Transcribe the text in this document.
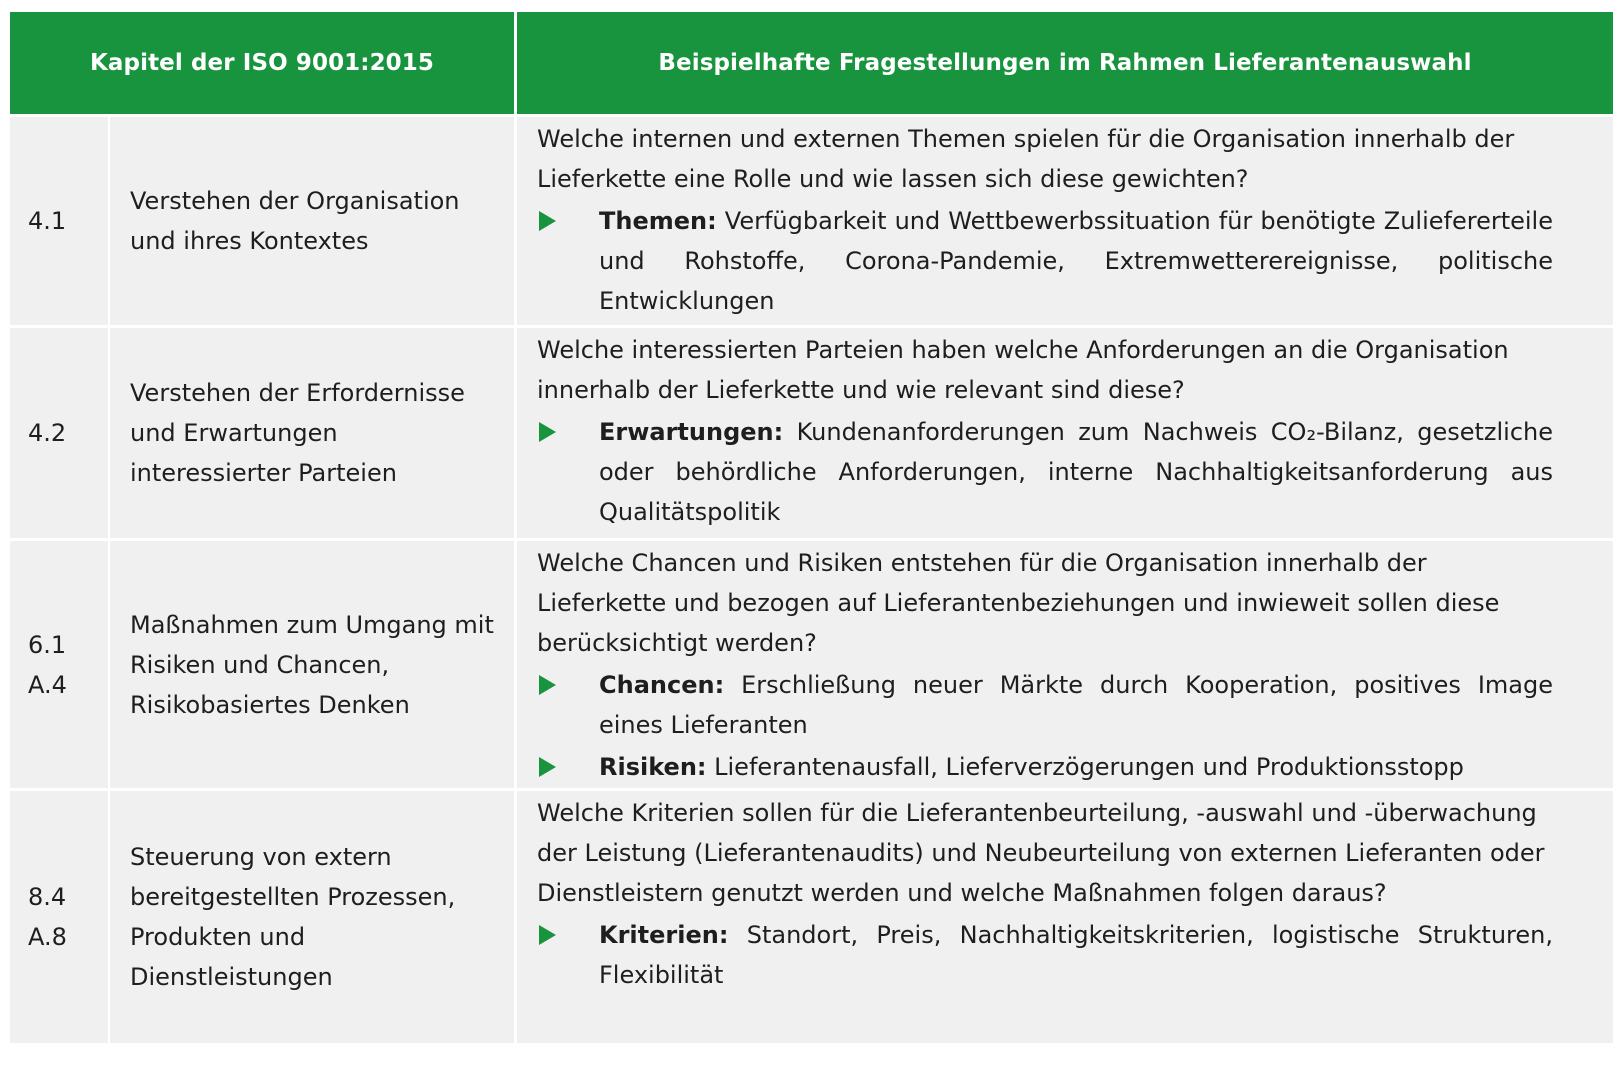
Kapitel der ISO 9001:2015	Beispielhafte Fragestellungen im Rahmen Lieferantenauswahl
4.1
Verstehen der Organisation und ihres Kontextes

Welche internen und externen Themen spielen für die Organisation innerhalb der Lieferkette eine Rolle und wie lassen sich diese gewichten?

Themen: Verfügbarkeit und Wettbewerbssituation für benötigte Zuliefererteile und Rohstoffe, Corona-Pandemie, Extremwetterereignisse, politische Entwicklungen
4.2
Verstehen der Erfordernisse und Erwartungen interessierter Parteien

Welche interessierten Parteien haben welche Anforderungen an die Organisation innerhalb der Lieferkette und wie relevant sind diese?

Erwartungen: Kundenanforderungen zum Nachweis CO₂-Bilanz, gesetzliche oder behördliche Anforderungen, interne Nachhaltigkeitsanforderung aus Qualitätspolitik
6.1
A.4
Maßnahmen zum Umgang mit Risiken und Chancen, Risikobasiertes Denken

Welche Chancen und Risiken entstehen für die Organisation innerhalb der Lieferkette und bezogen auf Lieferantenbeziehungen und inwieweit sollen diese berücksichtigt werden?

Chancen: Erschließung neuer Märkte durch Kooperation, positives Image eines Lieferanten
Risiken: Lieferantenausfall, Lieferverzögerungen und Produktionsstopp
8.4
A.8
Steuerung von extern bereitgestellten Prozessen, Produkten und Dienstleistungen

Welche Kriterien sollen für die Lieferantenbeurteilung, -auswahl und -überwachung der Leistung (Lieferantenaudits) und Neubeurteilung von externen Lieferanten oder Dienstleistern genutzt werden und welche Maßnahmen folgen daraus?

Kriterien: Standort, Preis, Nachhaltigkeitskriterien, logistische Strukturen, Flexibilität
